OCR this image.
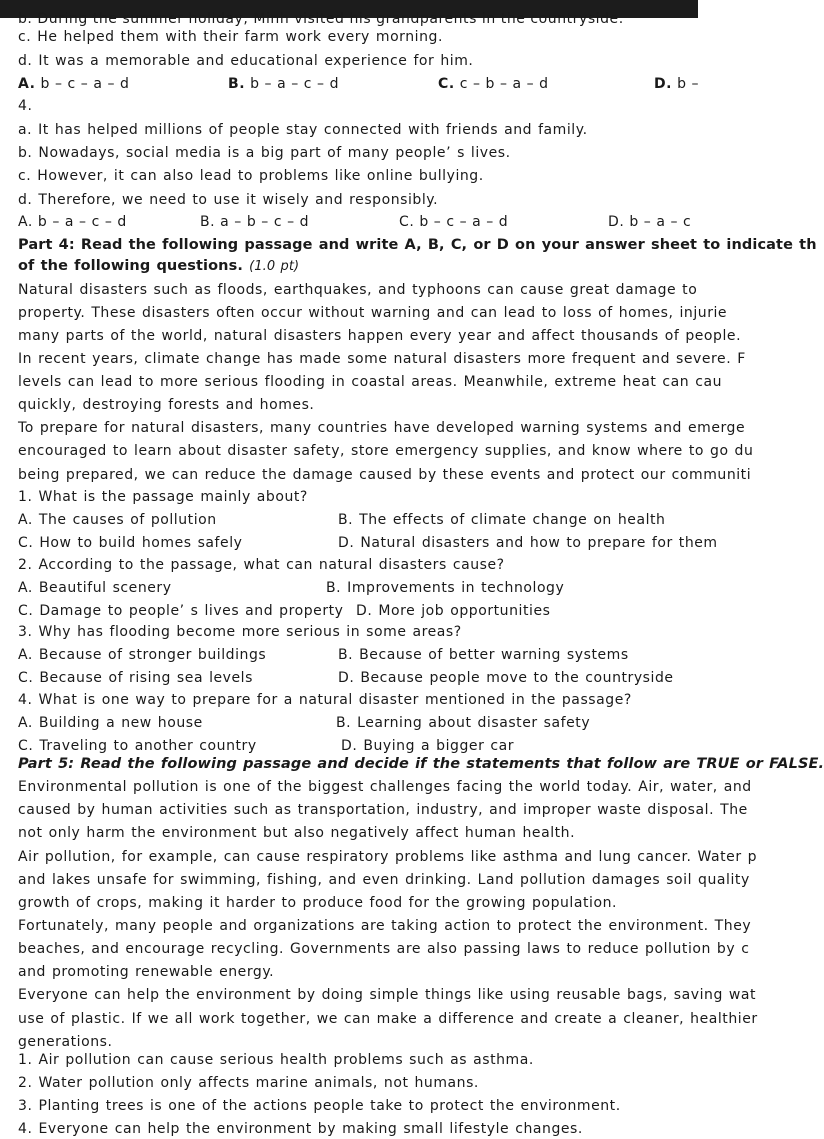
b. During the summer holiday, Minh visited his grandparents in the countryside.
c. He helped them with their farm work every morning.
d. It was a memorable and educational experience for him.
A. b – c – a – d	B. b – a – c – d	C. c – b – a – d	D. b –
4.
a. It has helped millions of people stay connected with friends and family.
b. Nowadays, social media is a big part of many people’ s lives.
c. However, it can also lead to problems like online bullying.
d. Therefore, we need to use it wisely and responsibly.
A. b – a – c – d	B. a – b – c – d	C. b – c – a – d	D. b – a – c
Part 4: Read the following passage and write A, B, C, or D on your answer sheet to indicate th
of the following questions. (1.0 pt)
Natural disasters such as floods, earthquakes, and typhoons can cause great damage to
property. These disasters often occur without warning and can lead to loss of homes, injurie
many parts of the world, natural disasters happen every year and affect thousands of people.
In recent years, climate change has made some natural disasters more frequent and severe. F
levels can lead to more serious flooding in coastal areas. Meanwhile, extreme heat can cau
quickly, destroying forests and homes.
To prepare for natural disasters, many countries have developed warning systems and emerge
encouraged to learn about disaster safety, store emergency supplies, and know where to go du
being prepared, we can reduce the damage caused by these events and protect our communiti
1. What is the passage mainly about?
A. The causes of pollution	B. The effects of climate change on health
C. How to build homes safely	D. Natural disasters and how to prepare for them
2. According to the passage, what can natural disasters cause?
A. Beautiful scenery	B. Improvements in technology
C. Damage to people’ s lives and property D. More job opportunities
3. Why has flooding become more serious in some areas?
A. Because of stronger buildings	B. Because of better warning systems
C. Because of rising sea levels	D. Because people move to the countryside
4. What is one way to prepare for a natural disaster mentioned in the passage?
A. Building a new house	B. Learning about disaster safety
C. Traveling to another country	D. Buying a bigger car
Part 5: Read the following passage and decide if the statements that follow are TRUE or FALSE.
Environmental pollution is one of the biggest challenges facing the world today. Air, water, and
caused by human activities such as transportation, industry, and improper waste disposal. The
not only harm the environment but also negatively affect human health.
Air pollution, for example, can cause respiratory problems like asthma and lung cancer. Water p
and lakes unsafe for swimming, fishing, and even drinking. Land pollution damages soil quality
growth of crops, making it harder to produce food for the growing population.
Fortunately, many people and organizations are taking action to protect the environment. They
beaches, and encourage recycling. Governments are also passing laws to reduce pollution by c
and promoting renewable energy.
Everyone can help the environment by doing simple things like using reusable bags, saving wat
use of plastic. If we all work together, we can make a difference and create a cleaner, healthier
generations.
1. Air pollution can cause serious health problems such as asthma.
2. Water pollution only affects marine animals, not humans.
3. Planting trees is one of the actions people take to protect the environment.
4. Everyone can help the environment by making small lifestyle changes.
